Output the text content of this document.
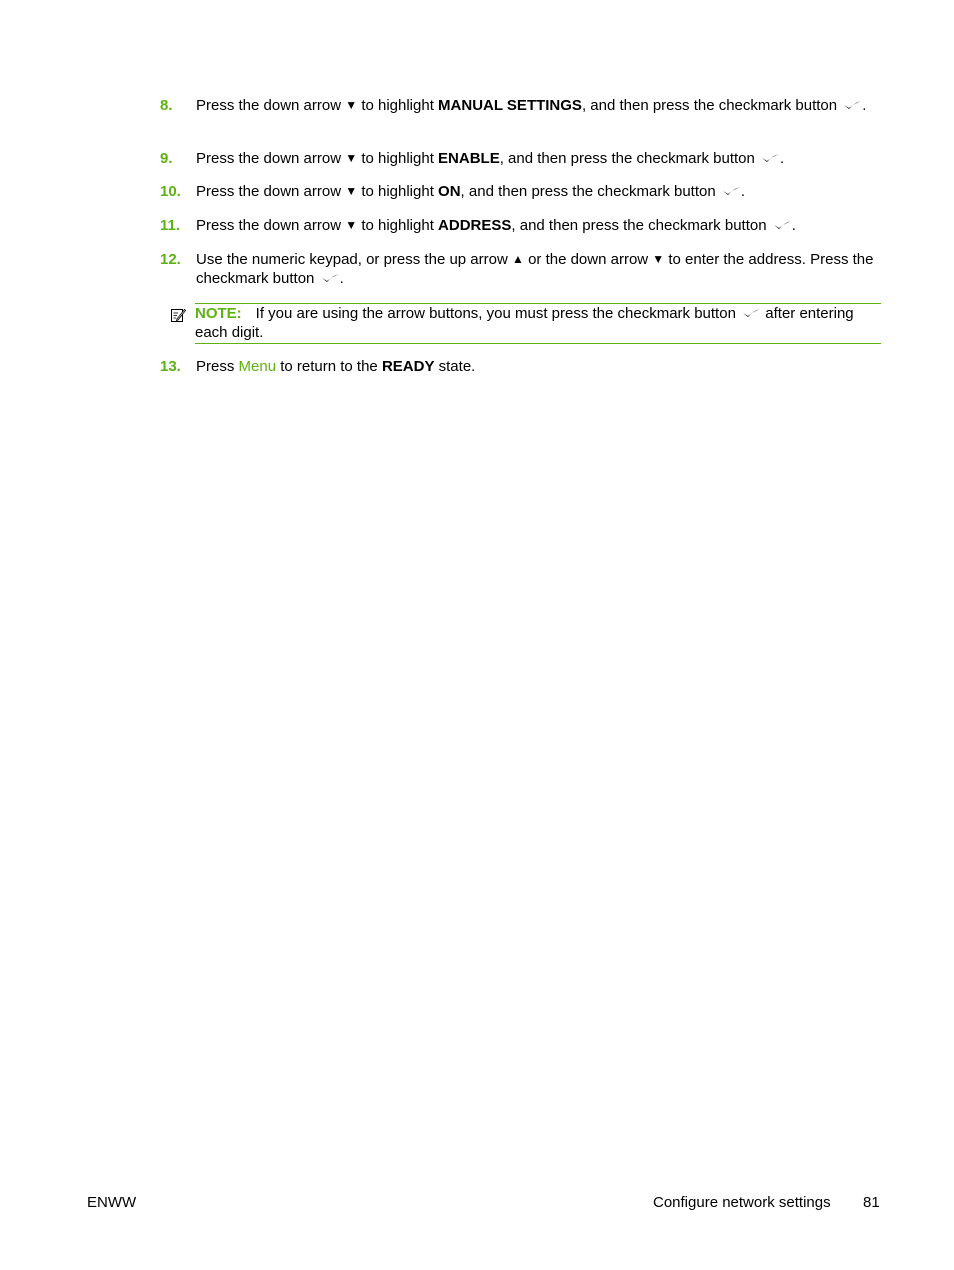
8. Press the down arrow ▼ to highlight MANUAL SETTINGS, and then press the checkmark button .
9. Press the down arrow ▼ to highlight ENABLE, and then press the checkmark button .
10. Press the down arrow ▼ to highlight ON, and then press the checkmark button .
11. Press the down arrow ▼ to highlight ADDRESS, and then press the checkmark button .
12. Use the numeric keypad, or press the up arrow ▲ or the down arrow ▼ to enter the address. Press the checkmark button .
NOTE: If you are using the arrow buttons, you must press the checkmark button after entering each digit.
13. Press Menu to return to the READY state.
ENWW	Configure network settings 81
